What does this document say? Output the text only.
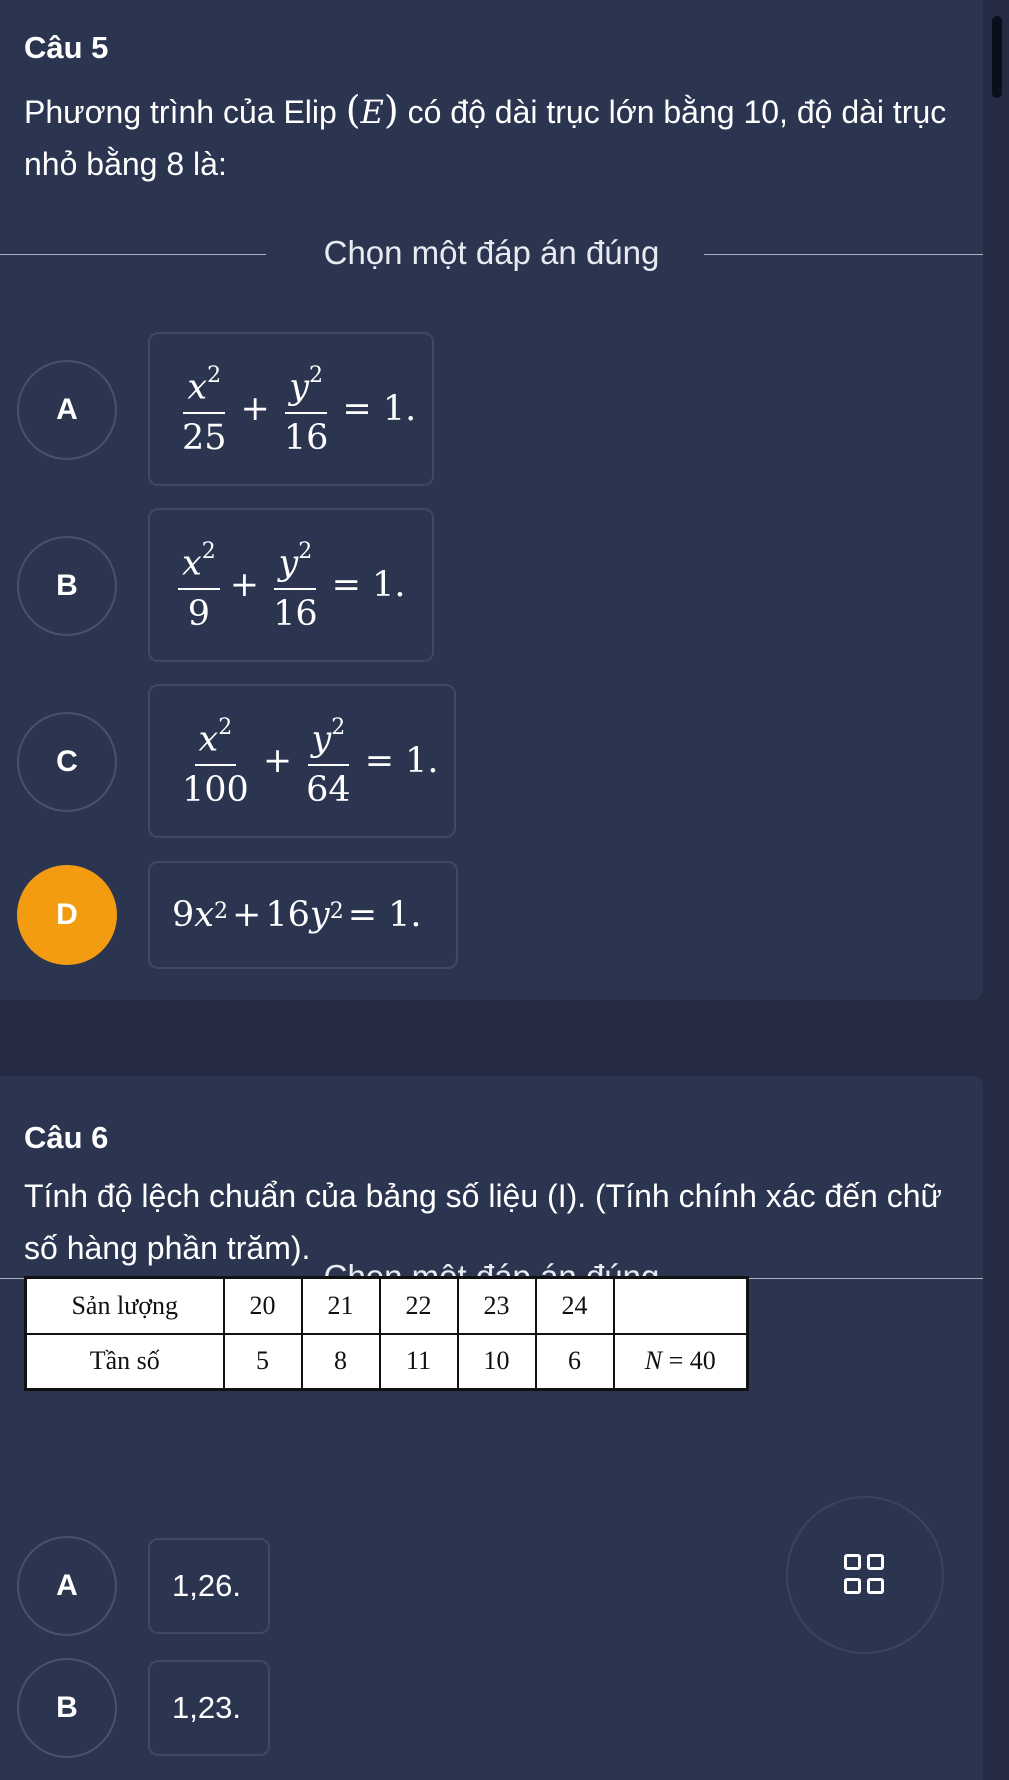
Câu 5
Phương trình của Elip (E) có độ dài trục lớn bằng 10, độ dài trục nhỏ bằng 8 là:
Chọn một đáp án đúng
A	$\frac{x^2}{25} + \frac{y^2}{16} = 1$.
B	$\frac{x^2}{9} + \frac{y^2}{16} = 1$.
C	$\frac{x^2}{100} + \frac{y^2}{64} = 1$.
D	9 $x^2 + 16$ $y^2 = 1$.
Câu 6
Tính độ lệch chuẩn của bảng số liệu (I). (Tính chính xác đến chữ số hàng phần trăm).
A	1,26.
B	1,23.
Sản lượng	20	21	22	23	24	
Tần số	5	8	11	10	6	N = 40
